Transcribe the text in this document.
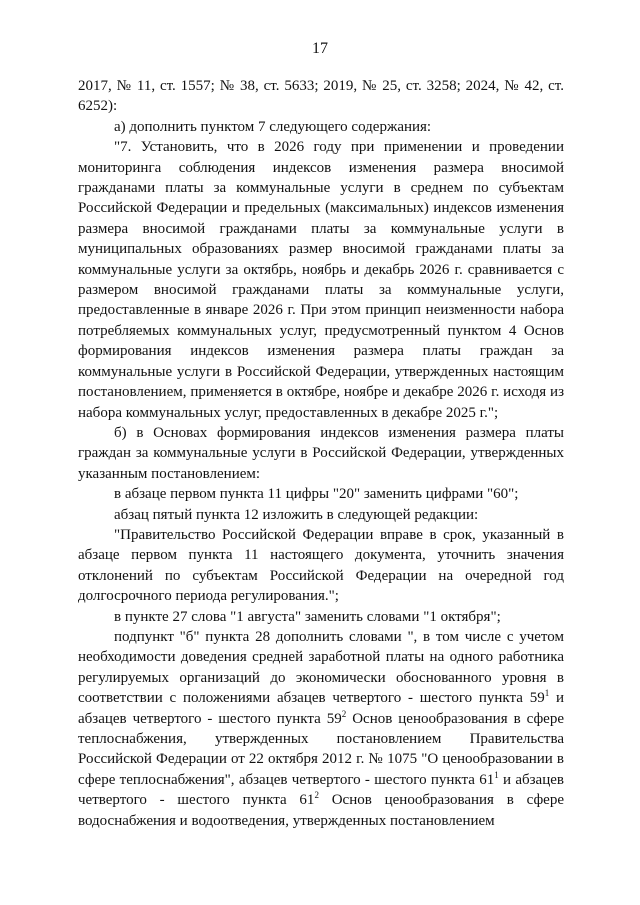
17

2017, № 11, ст. 1557; № 38, ст. 5633; 2019, № 25, ст. 3258; 2024, № 42, ст. 6252):

а) дополнить пунктом 7 следующего содержания:

"7. Установить, что в 2026 году при применении и проведении мониторинга соблюдения индексов изменения размера вносимой гражданами платы за коммунальные услуги в среднем по субъектам Российской Федерации и предельных (максимальных) индексов изменения размера вносимой гражданами платы за коммунальные услуги в муниципальных образованиях размер вносимой гражданами платы за коммунальные услуги за октябрь, ноябрь и декабрь 2026 г. сравнивается с размером вносимой гражданами платы за коммунальные услуги, предоставленные в январе 2026 г. При этом принцип неизменности набора потребляемых коммунальных услуг, предусмотренный пунктом 4 Основ формирования индексов изменения размера платы граждан за коммунальные услуги в Российской Федерации, утвержденных настоящим постановлением, применяется в октябре, ноябре и декабре 2026 г. исходя из набора коммунальных услуг, предоставленных в декабре 2025 г.";

б) в Основах формирования индексов изменения размера платы граждан за коммунальные услуги в Российской Федерации, утвержденных указанным постановлением:

в абзаце первом пункта 11 цифры "20" заменить цифрами "60";

абзац пятый пункта 12 изложить в следующей редакции:

"Правительство Российской Федерации вправе в срок, указанный в абзаце первом пункта 11 настоящего документа, уточнить значения отклонений по субъектам Российской Федерации на очередной год долгосрочного периода регулирования.";

в пункте 27 слова "1 августа" заменить словами "1 октября";

подпункт "б" пункта 28 дополнить словами ", в том числе с учетом необходимости доведения средней заработной платы на одного работника регулируемых организаций до экономически обоснованного уровня в соответствии с положениями абзацев четвертого - шестого пункта $59^1$ и абзацев четвертого - шестого пункта $59^2$ Основ ценообразования в сфере теплоснабжения, утвержденных постановлением Правительства Российской Федерации от 22 октября 2012 г. № 1075 "О ценообразовании в сфере теплоснабжения", абзацев четвертого - шестого пункта $61^1$ и абзацев четвертого - шестого пункта $61^2$ Основ ценообразования в сфере водоснабжения и водоотведения, утвержденных постановлением
